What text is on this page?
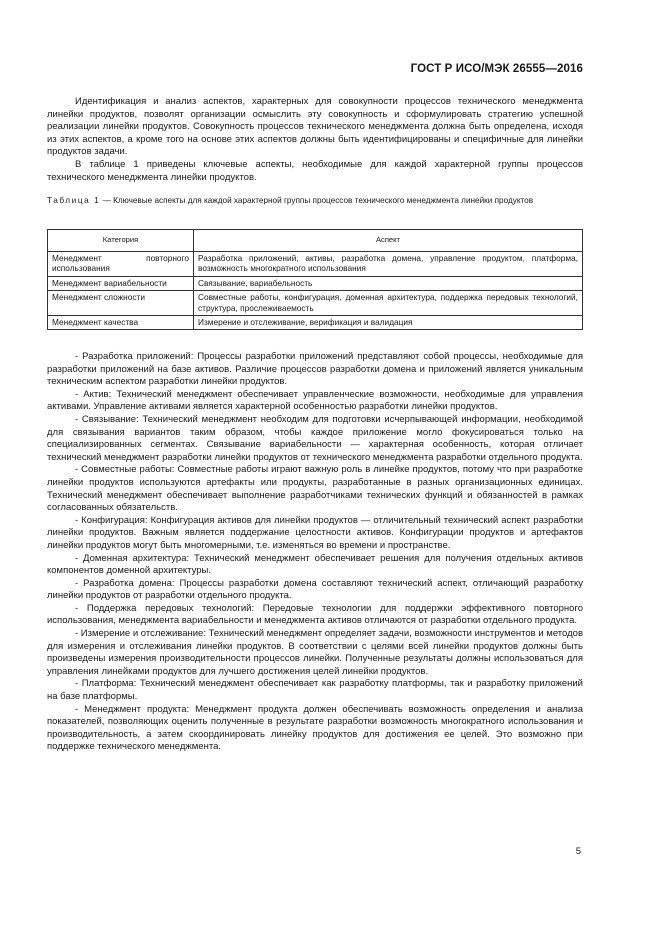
ГОСТ Р ИСО/МЭК 26555—2016

Идентификация и анализ аспектов, характерных для совокупности процессов технического менеджмента линейки продуктов, позволят организации осмыслить эту совокупность и сформулировать стратегию успешной реализации линейки продуктов. Совокупность процессов технического менеджмента должна быть определена, исходя из этих аспектов, а кроме того на основе этих аспектов должны быть идентифицированы и специфичные для линейки продуктов задачи.

В таблице 1 приведены ключевые аспекты, необходимые для каждой характерной группы процессов технического менеджмента линейки продуктов.

Таблица 1 — Ключевые аспекты для каждой характерной группы процессов технического менеджмента линейки продуктов
Категория	Аспект
Менеджмент повторного использования	Разработка приложений, активы, разработка домена, управление продуктом, платформа, возможность многократного использования
Менеджмент вариабельности	Связывание, вариабельность
Менеджмент сложности	Совместные работы, конфигурация, доменная архитектура, поддержка передовых технологий, структура, прослеживаемость
Менеджмент качества	Измерение и отслеживание, верификация и валидация

- Разработка приложений: Процессы разработки приложений представляют собой процессы, необходимые для разработки приложений на базе активов. Различие процессов разработки домена и приложений является уникальным техническим аспектом разработки линейки продуктов.

- Актив: Технический менеджмент обеспечивает управленческие возможности, необходимые для управления активами. Управление активами является характерной особенностью разработки линейки продуктов.

- Связывание: Технический менеджмент необходим для подготовки исчерпывающей информации, необходимой для связывания вариантов таким образом, чтобы каждое приложение могло фокусироваться только на специализированных сегментах. Связывание вариабельности — характерная особенность, которая отличает технический менеджмент разработки линейки продуктов от технического менеджмента разработки отдельного продукта.

- Совместные работы: Совместные работы играют важную роль в линейке продуктов, потому что при разработке линейки продуктов используются артефакты или продукты, разработанные в разных организационных единицах. Технический менеджмент обеспечивает выполнение разработчиками технических функций и обязанностей в рамках согласованных обязательств.

- Конфигурация: Конфигурация активов для линейки продуктов — отличительный технический аспект разработки линейки продуктов. Важным является поддержание целостности активов. Конфигурации продуктов и артефактов линейки продуктов могут быть многомерными, т.е. изменяться во времени и пространстве.

- Доменная архитектура: Технический менеджмент обеспечивает решения для получения отдельных активов компонентов доменной архитектуры.

- Разработка домена: Процессы разработки домена составляют технический аспект, отличающий разработку линейки продуктов от разработки отдельного продукта.

- Поддержка передовых технологий: Передовые технологии для поддержки эффективного повторного использования, менеджмента вариабельности и менеджмента активов отличаются от разработки отдельного продукта.

- Измерение и отслеживание: Технический менеджмент определяет задачи, возможности инструментов и методов для измерения и отслеживания линейки продуктов. В соответствии с целями всей линейки продуктов должны быть произведены измерения производительности процессов линейки. Полученные результаты должны использоваться для управления линейками продуктов для лучшего достижения целей линейки продуктов.

- Платформа: Технический менеджмент обеспечивает как разработку платформы, так и разработку приложений на базе платформы.

- Менеджмент продукта: Менеджмент продукта должен обеспечивать возможность определения и анализа показателей, позволяющих оценить полученные в результате разработки возможность многократного использования и производительность, а затем скоординировать линейку продуктов для достижения ее целей. Это возможно при поддержке технического менеджмента.

5
